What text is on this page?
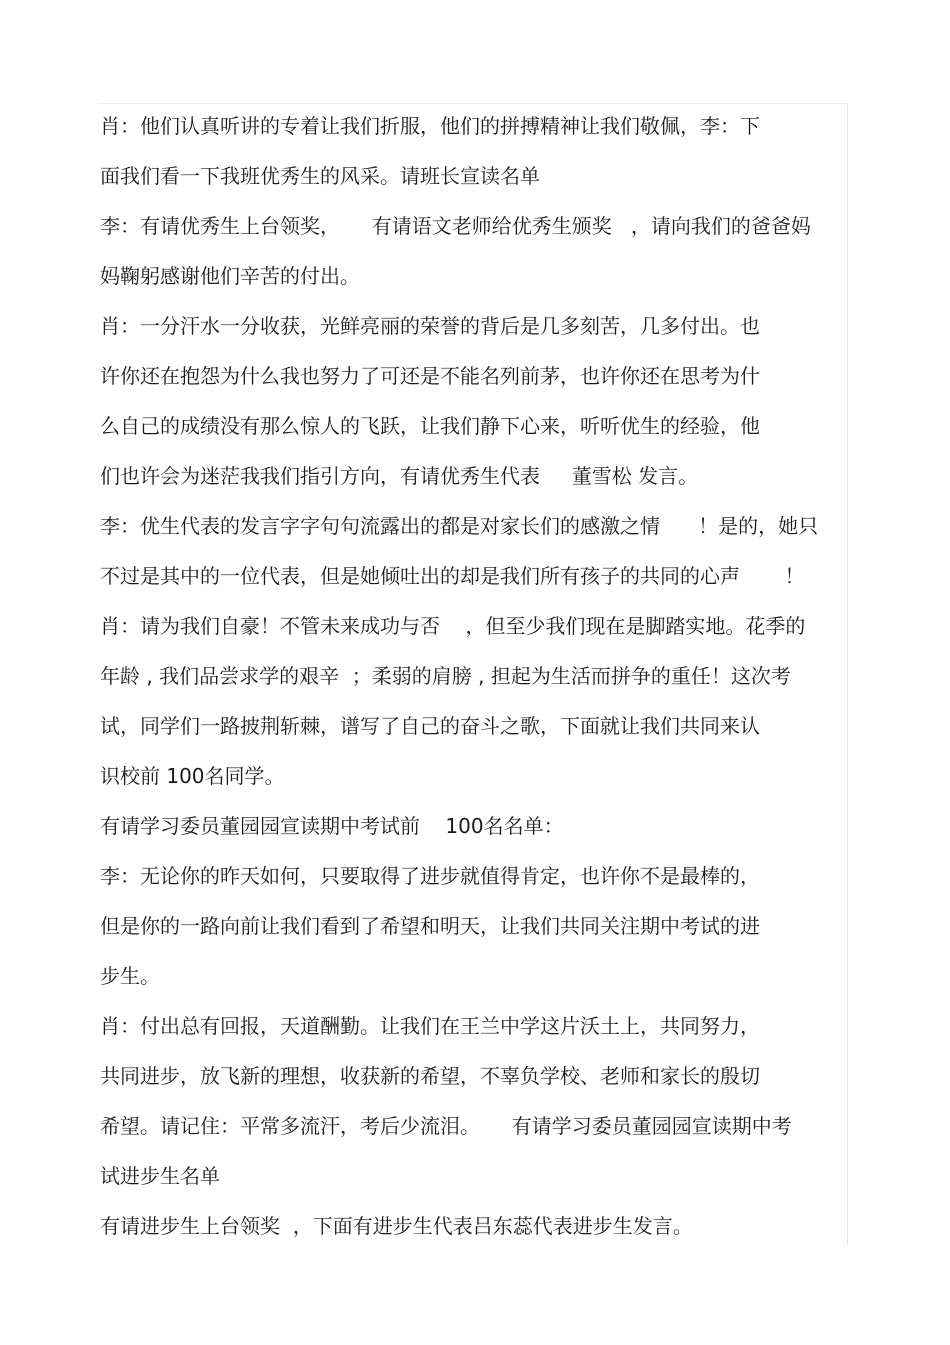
肖：他们认真听讲的专着让我们折服，他们的拼搏精神让我们敬佩，李：下
面我们看一下我班优秀生的风采。请班长宣读名单
李：有请优秀生上台领奖，     有请语文老师给优秀生颁奖   ，请向我们的爸爸妈
妈鞠躬感谢他们辛苦的付出。
肖：一分汗水一分收获，光鲜亮丽的荣誉的背后是几多刻苦，几多付出。也
许你还在抱怨为什么我也努力了可还是不能名列前茅，也许你还在思考为什
么自己的成绩没有那么惊人的飞跃，让我们静下心来，听听优生的经验，他
们也许会为迷茫我我们指引方向，有请优秀生代表     董雪松 发言。
李：优生代表的发言字字句句流露出的都是对家长们的感激之情      ！是的，她只
不过是其中的一位代表，但是她倾吐出的却是我们所有孩子的共同的心声       ！
肖：请为我们自豪！不管未来成功与否    ，但至少我们现在是脚踏实地。花季的
年龄 , 我们品尝求学的艰辛  ；柔弱的肩膀 , 担起为生活而拼争的重任！这次考
试，同学们一路披荆斩棘，谱写了自己的奋斗之歌，下面就让我们共同来认
识校前 100名同学。
有请学习委员董园园宣读期中考试前    100名名单：
李：无论你的昨天如何，只要取得了进步就值得肯定，也许你不是最棒的，
但是你的一路向前让我们看到了希望和明天，让我们共同关注期中考试的进
步生。
肖：付出总有回报，天道酬勤。让我们在王兰中学这片沃土上，共同努力，
共同进步，放飞新的理想，收获新的希望，不辜负学校、老师和家长的殷切
希望。请记住：平常多流汗，考后少流泪。     有请学习委员董园园宣读期中考
试进步生名单
有请进步生上台领奖  ，下面有进步生代表吕东蕊代表进步生发言。
